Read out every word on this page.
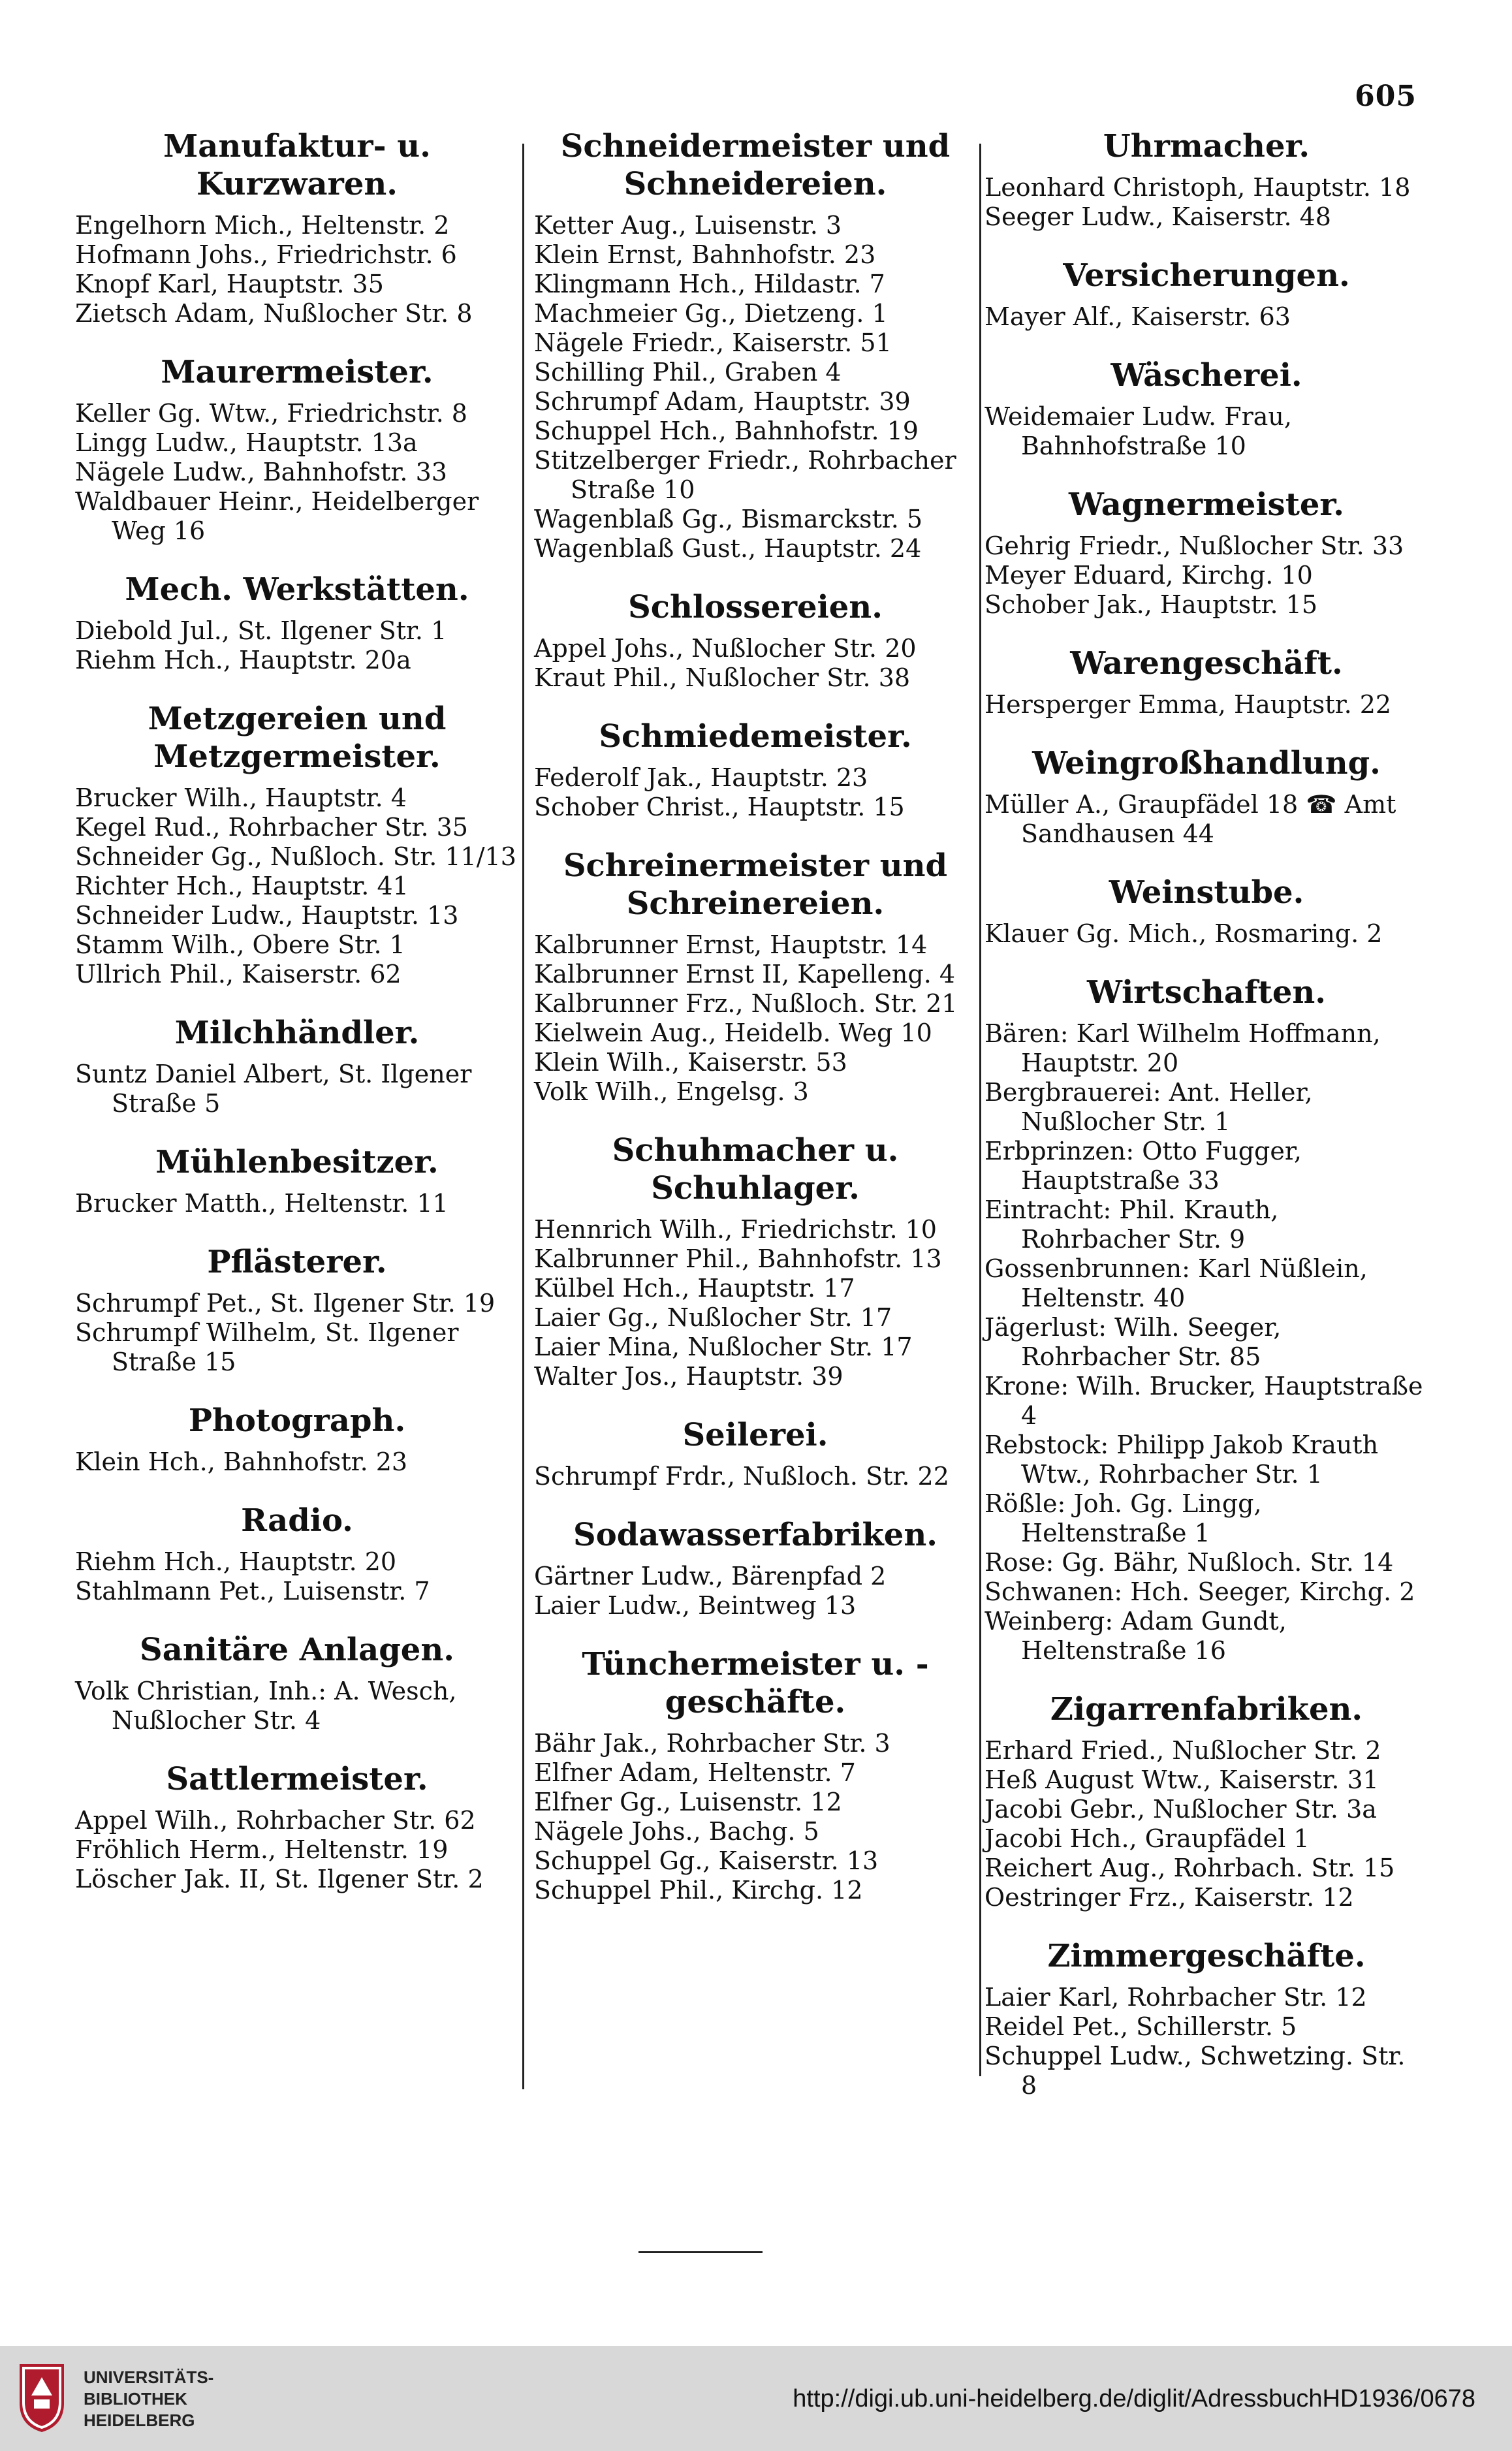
605
Manufaktur- u. Kurzwaren.
Engelhorn Mich., Heltenstr. 2
Hofmann Johs., Friedrichstr. 6
Knopf Karl, Hauptstr. 35
Zietsch Adam, Nußlocher Str. 8
Maurermeister.
Keller Gg. Wtw., Friedrichstr. 8
Lingg Ludw., Hauptstr. 13a
Nägele Ludw., Bahnhofstr. 33
Waldbauer Heinr., Heidelberger Weg 16
Mech. Werkstätten.
Diebold Jul., St. Ilgener Str. 1
Riehm Hch., Hauptstr. 20a
Metzgereien und Metzgermeister.
Brucker Wilh., Hauptstr. 4
Kegel Rud., Rohrbacher Str. 35
Schneider Gg., Nußloch. Str. 11/13
Richter Hch., Hauptstr. 41
Schneider Ludw., Hauptstr. 13
Stamm Wilh., Obere Str. 1
Ullrich Phil., Kaiserstr. 62
Milchhändler.
Suntz Daniel Albert, St. Ilgener Straße 5
Mühlenbesitzer.
Brucker Matth., Heltenstr. 11
Pflästerer.
Schrumpf Pet., St. Ilgener Str. 19
Schrumpf Wilhelm, St. Ilgener Straße 15
Photograph.
Klein Hch., Bahnhofstr. 23
Radio.
Riehm Hch., Hauptstr. 20
Stahlmann Pet., Luisenstr. 7
Sanitäre Anlagen.
Volk Christian, Inh.: A. Wesch, Nußlocher Str. 4
Sattlermeister.
Appel Wilh., Rohrbacher Str. 62
Fröhlich Herm., Heltenstr. 19
Löscher Jak. II, St. Ilgener Str. 2
Schneidermeister und Schneidereien.
Ketter Aug., Luisenstr. 3
Klein Ernst, Bahnhofstr. 23
Klingmann Hch., Hildastr. 7
Machmeier Gg., Dietzeng. 1
Nägele Friedr., Kaiserstr. 51
Schilling Phil., Graben 4
Schrumpf Adam, Hauptstr. 39
Schuppel Hch., Bahnhofstr. 19
Stitzelberger Friedr., Rohrbacher Straße 10
Wagenblaß Gg., Bismarckstr. 5
Wagenblaß Gust., Hauptstr. 24
Schlossereien.
Appel Johs., Nußlocher Str. 20
Kraut Phil., Nußlocher Str. 38
Schmiedemeister.
Federolf Jak., Hauptstr. 23
Schober Christ., Hauptstr. 15
Schreinermeister und Schreinereien.
Kalbrunner Ernst, Hauptstr. 14
Kalbrunner Ernst II, Kapelleng. 4
Kalbrunner Frz., Nußloch. Str. 21
Kielwein Aug., Heidelb. Weg 10
Klein Wilh., Kaiserstr. 53
Volk Wilh., Engelsg. 3
Schuhmacher u. Schuhlager.
Hennrich Wilh., Friedrichstr. 10
Kalbrunner Phil., Bahnhofstr. 13
Külbel Hch., Hauptstr. 17
Laier Gg., Nußlocher Str. 17
Laier Mina, Nußlocher Str. 17
Walter Jos., Hauptstr. 39
Seilerei.
Schrumpf Frdr., Nußloch. Str. 22
Sodawasserfabriken.
Gärtner Ludw., Bärenpfad 2
Laier Ludw., Beintweg 13
Tünchermeister u. -geschäfte.
Bähr Jak., Rohrbacher Str. 3
Elfner Adam, Heltenstr. 7
Elfner Gg., Luisenstr. 12
Nägele Johs., Bachg. 5
Schuppel Gg., Kaiserstr. 13
Schuppel Phil., Kirchg. 12
Uhrmacher.
Leonhard Christoph, Hauptstr. 18
Seeger Ludw., Kaiserstr. 48
Versicherungen.
Mayer Alf., Kaiserstr. 63
Wäscherei.
Weidemaier Ludw. Frau, Bahnhofstraße 10
Wagnermeister.
Gehrig Friedr., Nußlocher Str. 33
Meyer Eduard, Kirchg. 10
Schober Jak., Hauptstr. 15
Warengeschäft.
Hersperger Emma, Hauptstr. 22
Weingroßhandlung.
Müller A., Graupfädel 18 ☎ Amt Sandhausen 44
Weinstube.
Klauer Gg. Mich., Rosmaring. 2
Wirtschaften.
Bären: Karl Wilhelm Hoffmann, Hauptstr. 20
Bergbrauerei: Ant. Heller, Nußlocher Str. 1
Erbprinzen: Otto Fugger, Hauptstraße 33
Eintracht: Phil. Krauth, Rohrbacher Str. 9
Gossenbrunnen: Karl Nüßlein, Heltenstr. 40
Jägerlust: Wilh. Seeger, Rohrbacher Str. 85
Krone: Wilh. Brucker, Hauptstraße 4
Rebstock: Philipp Jakob Krauth Wtw., Rohrbacher Str. 1
Rößle: Joh. Gg. Lingg, Heltenstraße 1
Rose: Gg. Bähr, Nußloch. Str. 14
Schwanen: Hch. Seeger, Kirchg. 2
Weinberg: Adam Gundt, Heltenstraße 16
Zigarrenfabriken.
Erhard Fried., Nußlocher Str. 2
Heß August Wtw., Kaiserstr. 31
Jacobi Gebr., Nußlocher Str. 3a
Jacobi Hch., Graupfädel 1
Reichert Aug., Rohrbach. Str. 15
Oestringer Frz., Kaiserstr. 12
Zimmergeschäfte.
Laier Karl, Rohrbacher Str. 12
Reidel Pet., Schillerstr. 5
Schuppel Ludw., Schwetzing. Str. 8
UNIVERSITÄTS-
BIBLIOTHEK
HEIDELBERG
http://digi.ub.uni-heidelberg.de/diglit/AdressbuchHD1936/0678
